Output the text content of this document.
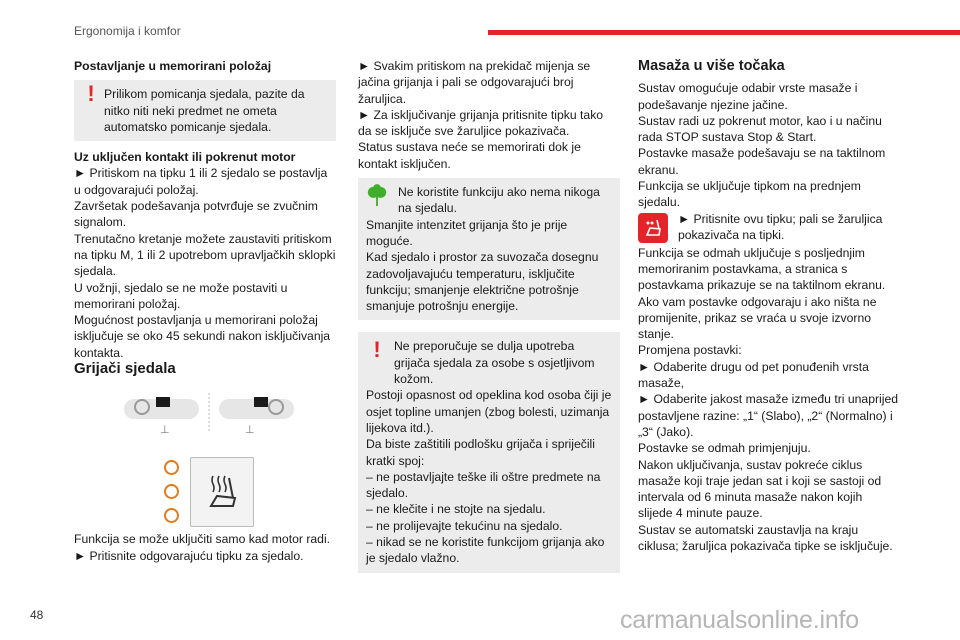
Ergonomija i komfor

Postavljanje u memorirani položaj

! Prilikom pomicanja sjedala, pazite da nitko niti neki predmet ne ometa automatsko pomicanje sjedala.

Uz uključen kontakt ili pokrenut motor

► Pritiskom na tipku 1 ili 2 sjedalo se postavlja u odgovarajući položaj.

Završetak podešavanja potvrđuje se zvučnim signalom.

Trenutačno kretanje možete zaustaviti pritiskom na tipku M, 1 ili 2 upotrebom upravljačkih sklopki sjedala.

U vožnji, sjedalo se ne može postaviti u memorirani položaj.

Mogućnost postavljanja u memorirani položaj isključuje se oko 45 sekundi nakon isključivanja kontakta.

Grijači sjedala

⊥	⊥

Funkcija se može uključiti samo kad motor radi.

► Pritisnite odgovarajuću tipku za sjedalo.

► Svakim pritiskom na prekidač mijenja se jačina grijanja i pali se odgovarajući broj žaruljica.

► Za isključivanje grijanja pritisnite tipku tako da se isključe sve žaruljice pokazivača.

Status sustava neće se memorirati dok je kontakt isključen.

Ne koristite funkciju ako nema nikoga na sjedalu.

Smanjite intenzitet grijanja što je prije moguće.
Kad sjedalo i prostor za suvozača dosegnu zadovoljavajuću temperaturu, isključite funkciju; smanjenje električne potrošnje smanjuje potrošnju energije.

!	Ne preporučuje se dulja upotreba grijača sjedala za osobe s osjetljivom kožom.

Postoji opasnost od opeklina kod osoba čiji je osjet topline umanjen (zbog bolesti, uzimanja lijekova itd.).
Da biste zaštitili podlošku grijača i spriječili kratki spoj:
– ne postavljajte teške ili oštre predmete na sjedalo.
– ne klečite i ne stojte na sjedalu.
– ne prolijevajte tekućinu na sjedalo.
– nikad se ne koristite funkcijom grijanja ako je sjedalo vlažno.

Masaža u više točaka

Sustav omogućuje odabir vrste masaže i podešavanje njezine jačine.

Sustav radi uz pokrenut motor, kao i u načinu rada STOP sustava Stop & Start.

Postavke masaže podešavaju se na taktilnom ekranu.

Funkcija se uključuje tipkom na prednjem sjedalu.

► Pritisnite ovu tipku; pali se žaruljica pokazivača na tipki.

Funkcija se odmah uključuje s posljednjim memoriranim postavkama, a stranica s postavkama prikazuje se na taktilnom ekranu.

Ako vam postavke odgovaraju i ako ništa ne promijenite, prikaz se vraća u svoje izvorno stanje.

Promjena postavki:

► Odaberite drugu od pet ponuđenih vrsta masaže,

► Odaberite jakost masaže između tri unaprijed postavljene razine: „1“ (Slabo), „2“ (Normalno) i „3“ (Jako).

Postavke se odmah primjenjuju.

Nakon uključivanja, sustav pokreće ciklus masaže koji traje jedan sat i koji se sastoji od intervala od 6 minuta masaže nakon kojih slijede 4 minute pauze.

Sustav se automatski zaustavlja na kraju ciklusa; žaruljica pokazivača tipke se isključuje.

48	carmanualsonline.info
